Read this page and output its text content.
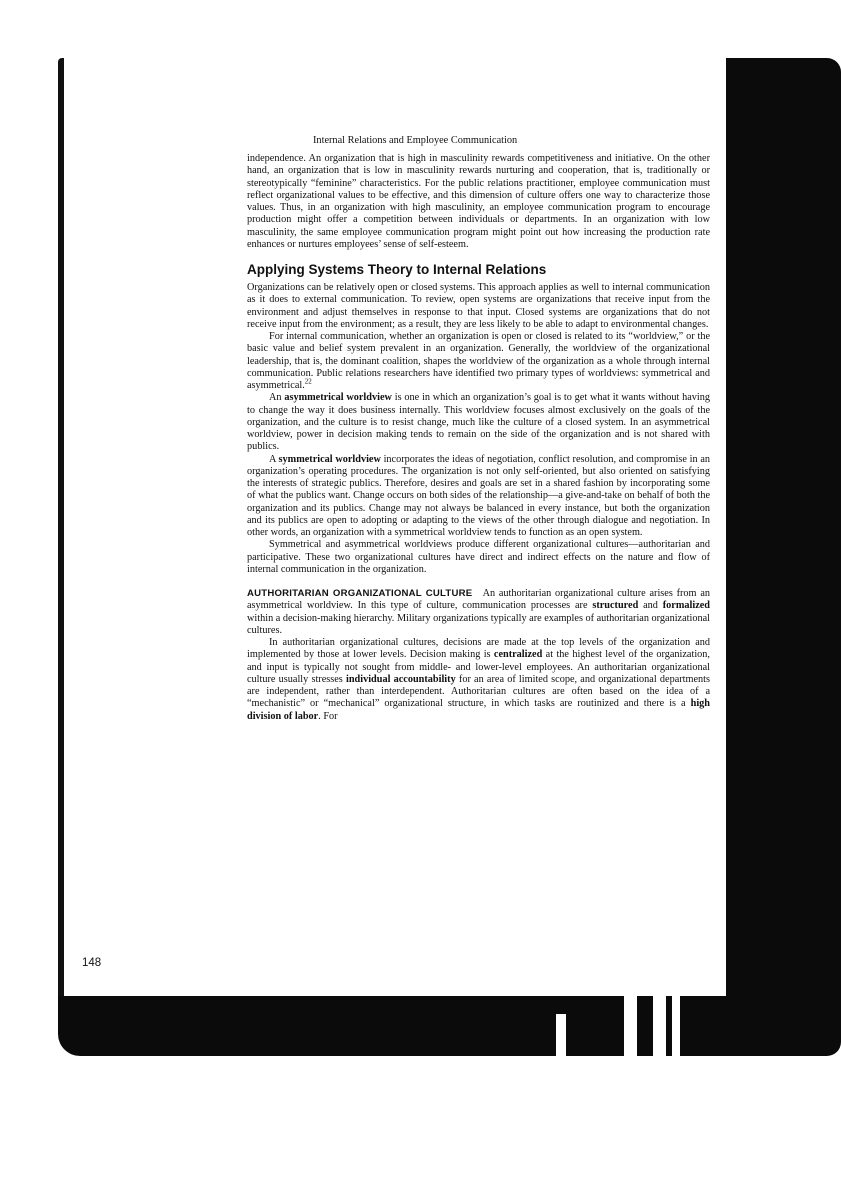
Internal Relations and Employee Communication

independence. An organization that is high in masculinity rewards competitiveness and initiative. On the other hand, an organization that is low in masculinity rewards nurturing and cooperation, that is, traditionally or stereotypically “feminine” characteristics. For the public relations practitioner, employee communication must reflect organizational values to be effective, and this dimension of culture offers one way to characterize those values. Thus, in an organization with high masculinity, an employee communication program to encourage production might offer a competition between individuals or departments. In an organization with low masculinity, the same employee communication program might point out how increasing the production rate enhances or nurtures employees’ sense of self-esteem.

Applying Systems Theory to Internal Relations

Organizations can be relatively open or closed systems. This approach applies as well to internal communication as it does to external communication. To review, open systems are organizations that receive input from the environment and adjust themselves in response to that input. Closed systems are organizations that do not receive input from the environment; as a result, they are less likely to be able to adapt to environmental changes.

For internal communication, whether an organization is open or closed is related to its “worldview,” or the basic value and belief system prevalent in an organization. Generally, the worldview of the organizational leadership, that is, the dominant coalition, shapes the worldview of the organization as a whole through internal communication. Public relations researchers have identified two primary types of worldviews: symmetrical and asymmetrical.$^{22}$

An asymmetrical worldview is one in which an organization’s goal is to get what it wants without having to change the way it does business internally. This worldview focuses almost exclusively on the goals of the organization, and the culture is to resist change, much like the culture of a closed system. In an asymmetrical worldview, power in decision making tends to remain on the side of the organization and is not shared with publics.

A symmetrical worldview incorporates the ideas of negotiation, conflict resolution, and compromise in an organization’s operating procedures. The organization is not only self-oriented, but also oriented on satisfying the interests of strategic publics. Therefore, desires and goals are set in a shared fashion by incorporating some of what the publics want. Change occurs on both sides of the relationship—a give-and-take on behalf of both the organization and its publics. Change may not always be balanced in every instance, but both the organization and its publics are open to adopting or adapting to the views of the other through dialogue and negotiation. In other words, an organization with a symmetrical worldview tends to function as an open system.

Symmetrical and asymmetrical worldviews produce different organizational cultures—authoritarian and participative. These two organizational cultures have direct and indirect effects on the nature and flow of internal communication in the organization.

AUTHORITARIAN ORGANIZATIONAL CULTURE An authoritarian organizational culture arises from an asymmetrical worldview. In this type of culture, communication processes are structured and formalized within a decision-making hierarchy. Military organizations typically are examples of authoritarian organizational cultures.

In authoritarian organizational cultures, decisions are made at the top levels of the organization and implemented by those at lower levels. Decision making is centralized at the highest level of the organization, and input is typically not sought from middle- and lower-level employees. An authoritarian organizational culture usually stresses individual accountability for an area of limited scope, and organizational departments are independent, rather than interdependent. Authoritarian cultures are often based on the idea of a “mechanistic” or “mechanical” organizational structure, in which tasks are routinized and there is a high division of labor. For

148
